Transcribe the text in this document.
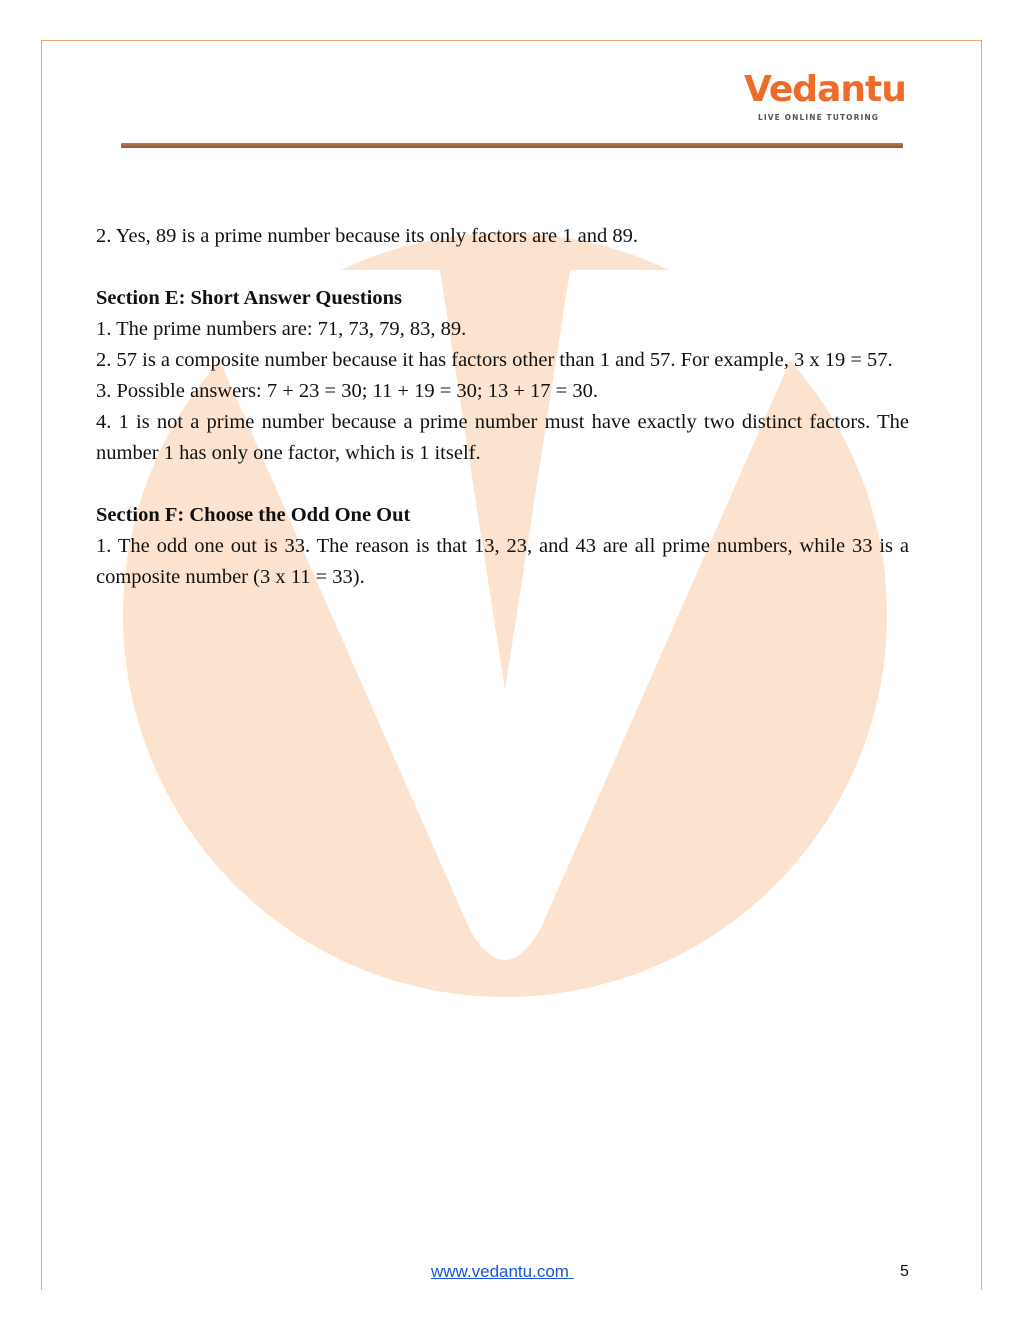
Vedantu
LIVE ONLINE TUTORING

2. Yes, 89 is a prime number because its only factors are 1 and 89.

Section E: Short Answer Questions

1. The prime numbers are: 71, 73, 79, 83, 89.

2. 57 is a composite number because it has factors other than 1 and 57. For example, 3 x 19 = 57.

3. Possible answers: 7 + 23 = 30; 11 + 19 = 30; 13 + 17 = 30.

4. 1 is not a prime number because a prime number must have exactly two distinct factors. The number 1 has only one factor, which is 1 itself.

Section F: Choose the Odd One Out

1. The odd one out is 33. The reason is that 13, 23, and 43 are all prime numbers, while 33 is a composite number (3 x 11 = 33).

www.vedantu.com	5
